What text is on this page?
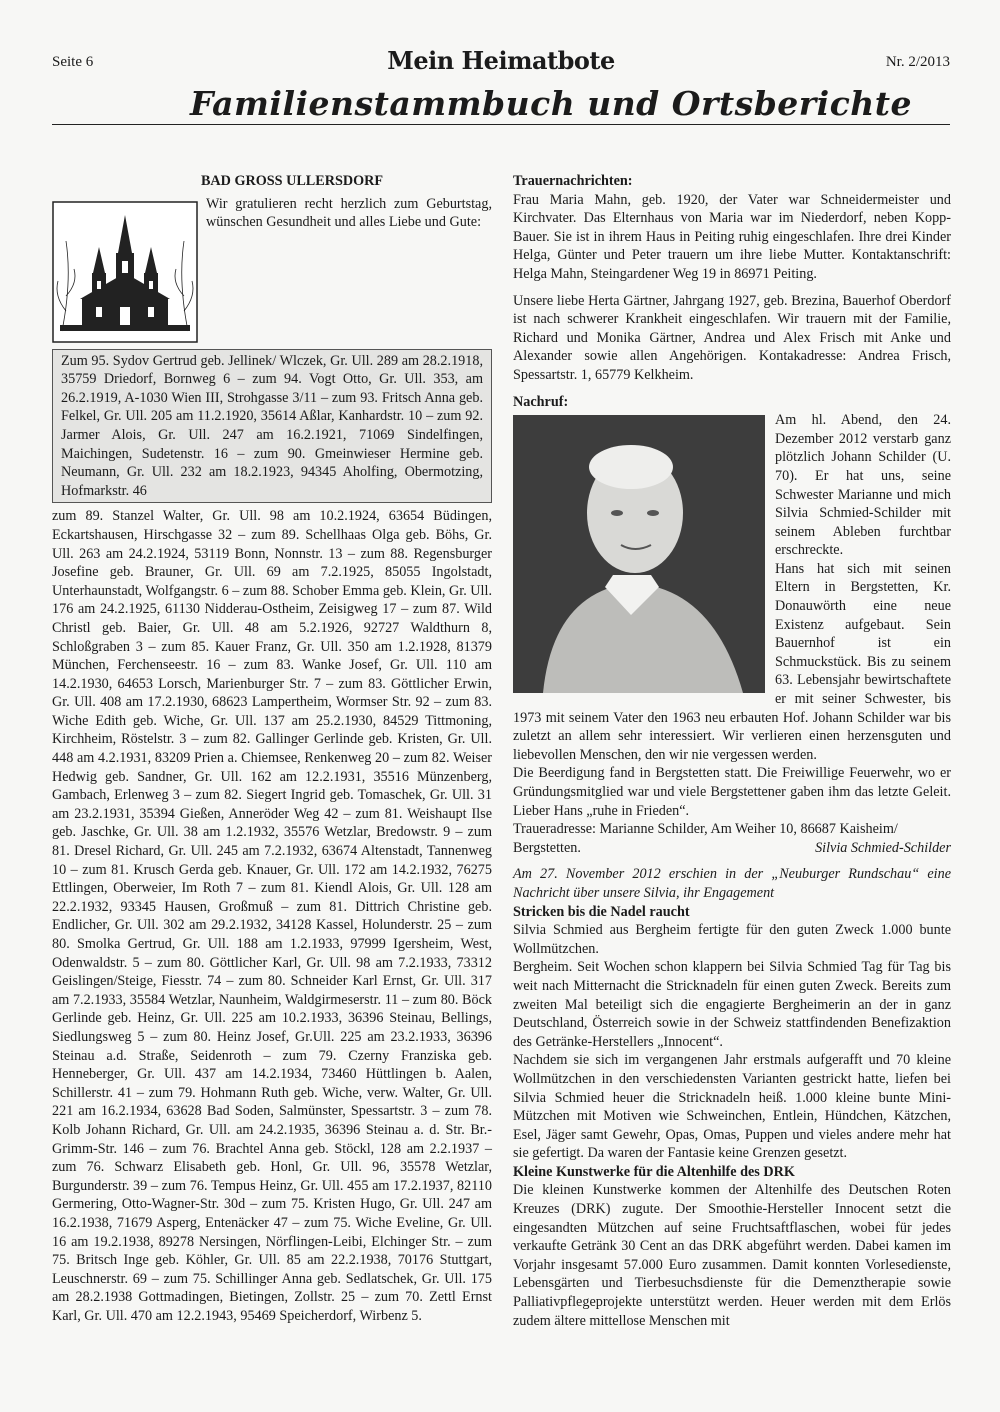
Seite 6	Mein Heimatbote	Nr. 2/2013
Familienstammbuch und Ortsberichte

BAD GROSS ULLERSDORF

Wir gratulieren recht herzlich zum Geburtstag, wünschen Gesundheit und alles Liebe und Gute:

Zum 95. Sydov Gertrud geb. Jellinek/ Wlczek, Gr. Ull. 289 am 28.2.1918, 35759 Driedorf, Bornweg 6 – zum 94. Vogt Otto, Gr. Ull. 353, am 26.2.1919, A-1030 Wien III, Strohgasse 3/11 – zum 93. Fritsch Anna geb. Felkel, Gr. Ull. 205 am 11.2.1920, 35614 Aßlar, Kanhardstr. 10 – zum 92. Jarmer Alois, Gr. Ull. 247 am 16.2.1921, 71069 Sindelfingen, Maichingen, Sudetenstr. 16 – zum 90. Gmeinwieser Hermine geb. Neumann, Gr. Ull. 232 am 18.2.1923, 94345 Aholfing, Obermotzing, Hofmarkstr. 46

zum 89. Stanzel Walter, Gr. Ull. 98 am 10.2.1924, 63654 Büdingen, Eckartshausen, Hirschgasse 32 – zum 89. Schellhaas Olga geb. Böhs, Gr. Ull. 263 am 24.2.1924, 53119 Bonn, Nonnstr. 13 – zum 88. Regensburger Josefine geb. Brauner, Gr. Ull. 69 am 7.2.1925, 85055 Ingolstadt, Unterhaunstadt, Wolfgangstr. 6 – zum 88. Schober Emma geb. Klein, Gr. Ull. 176 am 24.2.1925, 61130 Nidderau-Ostheim, Zeisigweg 17 – zum 87. Wild Christl geb. Baier, Gr. Ull. 48 am 5.2.1926, 92727 Waldthurn 8, Schloßgraben 3 – zum 85. Kauer Franz, Gr. Ull. 350 am 1.2.1928, 81379 München, Ferchenseestr. 16 – zum 83. Wanke Josef, Gr. Ull. 110 am 14.2.1930, 64653 Lorsch, Marienburger Str. 7 – zum 83. Göttlicher Erwin, Gr. Ull. 408 am 17.2.1930, 68623 Lampertheim, Wormser Str. 92 – zum 83. Wiche Edith geb. Wiche, Gr. Ull. 137 am 25.2.1930, 84529 Tittmoning, Kirchheim, Röstelstr. 3 – zum 82. Gallinger Gerlinde geb. Kristen, Gr. Ull. 448 am 4.2.1931, 83209 Prien a. Chiemsee, Renkenweg 20 – zum 82. Weiser Hedwig geb. Sandner, Gr. Ull. 162 am 12.2.1931, 35516 Münzenberg, Gambach, Erlenweg 3 – zum 82. Siegert Ingrid geb. Tomaschek, Gr. Ull. 31 am 23.2.1931, 35394 Gießen, Anneröder Weg 42 – zum 81. Weishaupt Ilse geb. Jaschke, Gr. Ull. 38 am 1.2.1932, 35576 Wetzlar, Bredowstr. 9 – zum 81. Dresel Richard, Gr. Ull. 245 am 7.2.1932, 63674 Altenstadt, Tannenweg 10 – zum 81. Krusch Gerda geb. Knauer, Gr. Ull. 172 am 14.2.1932, 76275 Ettlingen, Oberweier, Im Roth 7 – zum 81. Kiendl Alois, Gr. Ull. 128 am 22.2.1932, 93345 Hausen, Großmuß – zum 81. Dittrich Christine geb. Endlicher, Gr. Ull. 302 am 29.2.1932, 34128 Kassel, Holunderstr. 25 – zum 80. Smolka Gertrud, Gr. Ull. 188 am 1.2.1933, 97999 Igersheim, West, Odenwaldstr. 5 – zum 80. Göttlicher Karl, Gr. Ull. 98 am 7.2.1933, 73312 Geislingen/Steige, Fiesstr. 74 – zum 80. Schneider Karl Ernst, Gr. Ull. 317 am 7.2.1933, 35584 Wetzlar, Naunheim, Waldgirmeserstr. 11 – zum 80. Böck Gerlinde geb. Heinz, Gr. Ull. 225 am 10.2.1933, 36396 Steinau, Bellings, Siedlungsweg 5 – zum 80. Heinz Josef, Gr.Ull. 225 am 23.2.1933, 36396 Steinau a.d. Straße, Seidenroth – zum 79. Czerny Franziska geb. Henneberger, Gr. Ull. 437 am 14.2.1934, 73460 Hüttlingen b. Aalen, Schillerstr. 41 – zum 79. Hohmann Ruth geb. Wiche, verw. Walter, Gr. Ull. 221 am 16.2.1934, 63628 Bad Soden, Salmünster, Spessartstr. 3 – zum 78. Kolb Johann Richard, Gr. Ull. am 24.2.1935, 36396 Steinau a. d. Str. Br.-Grimm-Str. 146 – zum 76. Brachtel Anna geb. Stöckl, 128 am 2.2.1937 – zum 76. Schwarz Elisabeth geb. Honl, Gr. Ull. 96, 35578 Wetzlar, Burgunderstr. 39 – zum 76. Tempus Heinz, Gr. Ull. 455 am 17.2.1937, 82110 Germering, Otto-Wagner-Str. 30d – zum 75. Kristen Hugo, Gr. Ull. 247 am 16.2.1938, 71679 Asperg, Entenäcker 47 – zum 75. Wiche Eveline, Gr. Ull. 16 am 19.2.1938, 89278 Nersingen, Nörflingen-Leibi, Elchinger Str. – zum 75. Britsch Inge geb. Köhler, Gr. Ull. 85 am 22.2.1938, 70176 Stuttgart, Leuschnerstr. 69 – zum 75. Schillinger Anna geb. Sedlatschek, Gr. Ull. 175 am 28.2.1938 Gottmadingen, Bietingen, Zollstr. 25 – zum 70. Zettl Ernst Karl, Gr. Ull. 470 am 12.2.1943, 95469 Speicherdorf, Wirbenz 5.

Trauernachrichten:

Frau Maria Mahn, geb. 1920, der Vater war Schneidermeister und Kirchvater. Das Elternhaus von Maria war im Niederdorf, neben Kopp-Bauer. Sie ist in ihrem Haus in Peiting ruhig eingeschlafen. Ihre drei Kinder Helga, Günter und Peter trauern um ihre liebe Mutter. Kontaktanschrift: Helga Mahn, Steingardener Weg 19 in 86971 Peiting.

Unsere liebe Herta Gärtner, Jahrgang 1927, geb. Brezina, Bauerhof Oberdorf ist nach schwerer Krankheit eingeschlafen. Wir trauern mit der Familie, Richard und Monika Gärtner, Andrea und Alex Frisch mit Anke und Alexander sowie allen Angehörigen. Kontakadresse: Andrea Frisch, Spessartstr. 1, 65779 Kelkheim.

Nachruf:

Am hl. Abend, den 24. Dezember 2012 verstarb ganz plötzlich Johann Schilder (U. 70). Er hat uns, seine Schwester Marianne und mich Silvia Schmied-Schilder mit seinem Ableben furchtbar erschreckte.

Hans hat sich mit seinen Eltern in Bergstetten, Kr. Donauwörth eine neue Existenz aufgebaut. Sein Bauernhof ist ein Schmuckstück. Bis zu seinem 63. Lebensjahr bewirtschaftete er mit seiner Schwester, bis 1973 mit seinem Vater den 1963 neu erbauten Hof. Johann Schilder war bis zuletzt an allem sehr interessiert. Wir verlieren einen herzensguten und liebevollen Menschen, den wir nie vergessen werden.

Die Beerdigung fand in Bergstetten statt. Die Freiwillige Feuerwehr, wo er Gründungsmitglied war und viele Bergstettener gaben ihm das letzte Geleit. Lieber Hans „ruhe in Frieden“.

Traueradresse: Marianne Schilder, Am Weiher 10, 86687 Kaisheim/

Bergstetten.	Silvia Schmied-Schilder

Am 27. November 2012 erschien in der „Neuburger Rundschau“ eine Nachricht über unsere Silvia, ihr Engagement

Stricken bis die Nadel raucht

Silvia Schmied aus Bergheim fertigte für den guten Zweck 1.000 bunte Wollmützchen.

Bergheim. Seit Wochen schon klappern bei Silvia Schmied Tag für Tag bis weit nach Mitternacht die Stricknadeln für einen guten Zweck. Bereits zum zweiten Mal beteiligt sich die engagierte Bergheimerin an der in ganz Deutschland, Österreich sowie in der Schweiz stattfindenden Benefizaktion des Getränke-Herstellers „Innocent“.

Nachdem sie sich im vergangenen Jahr erstmals aufgerafft und 70 kleine Wollmützchen in den verschiedensten Varianten gestrickt hatte, liefen bei Silvia Schmied heuer die Stricknadeln heiß. 1.000 kleine bunte Mini-Mützchen mit Motiven wie Schweinchen, Entlein, Hündchen, Kätzchen, Esel, Jäger samt Gewehr, Opas, Omas, Puppen und vieles andere mehr hat sie gefertigt. Da waren der Fantasie keine Grenzen gesetzt.

Kleine Kunstwerke für die Altenhilfe des DRK

Die kleinen Kunstwerke kommen der Altenhilfe des Deutschen Roten Kreuzes (DRK) zugute. Der Smoothie-Hersteller Innocent setzt die eingesandten Mützchen auf seine Fruchtsaftflaschen, wobei für jedes verkaufte Getränk 30 Cent an das DRK abgeführt werden. Dabei kamen im Vorjahr insgesamt 57.000 Euro zusammen. Damit konnten Vorlesedienste, Lebensgärten und Tierbesuchsdienste für die Demenztherapie sowie Palliativpflegeprojekte unterstützt werden. Heuer werden mit dem Erlös zudem ältere mittellose Menschen mit
